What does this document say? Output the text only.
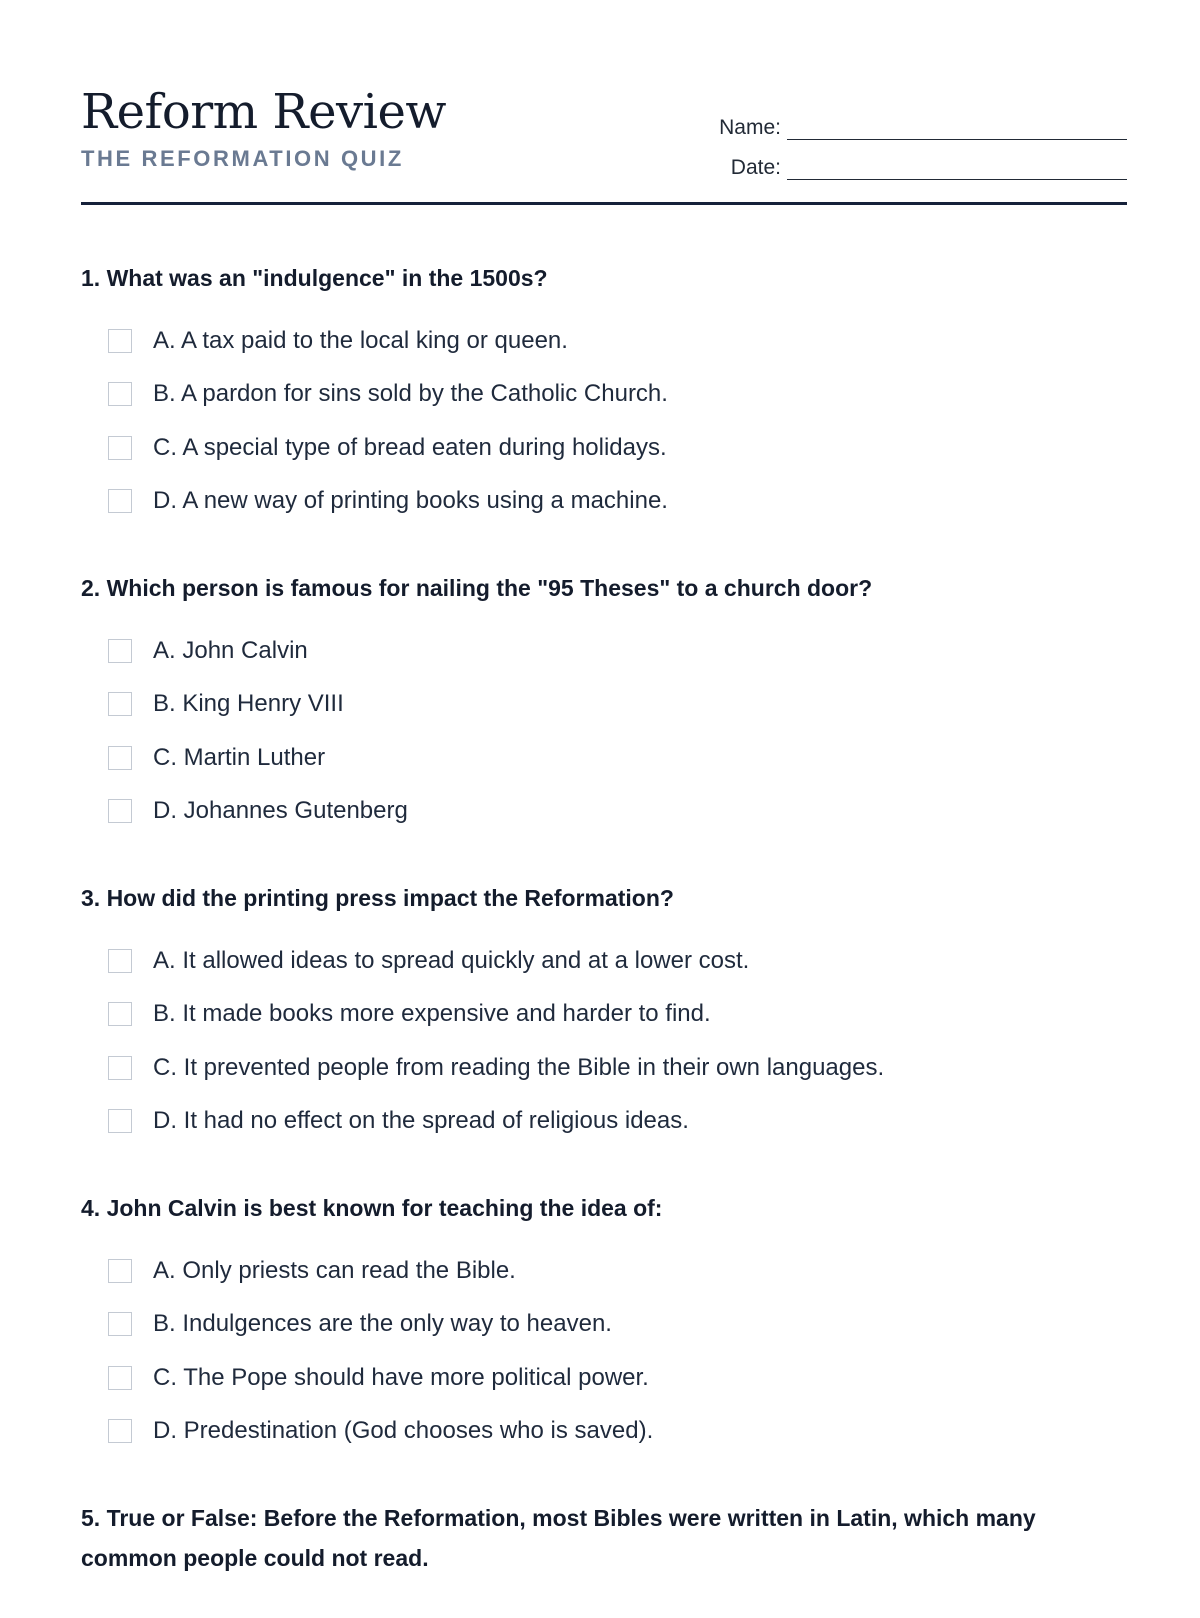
Reform Review
THE REFORMATION QUIZ
Name:
Date:

1. What was an "indulgence" in the 1500s?

A. A tax paid to the local king or queen.
B. A pardon for sins sold by the Catholic Church.
C. A special type of bread eaten during holidays.
D. A new way of printing books using a machine.

2. Which person is famous for nailing the "95 Theses" to a church door?

A. John Calvin
B. King Henry VIII
C. Martin Luther
D. Johannes Gutenberg

3. How did the printing press impact the Reformation?

A. It allowed ideas to spread quickly and at a lower cost.
B. It made books more expensive and harder to find.
C. It prevented people from reading the Bible in their own languages.
D. It had no effect on the spread of religious ideas.

4. John Calvin is best known for teaching the idea of:

A. Only priests can read the Bible.
B. Indulgences are the only way to heaven.
C. The Pope should have more political power.
D. Predestination (God chooses who is saved).

5. True or False: Before the Reformation, most Bibles were written in Latin, which many common people could not read.
